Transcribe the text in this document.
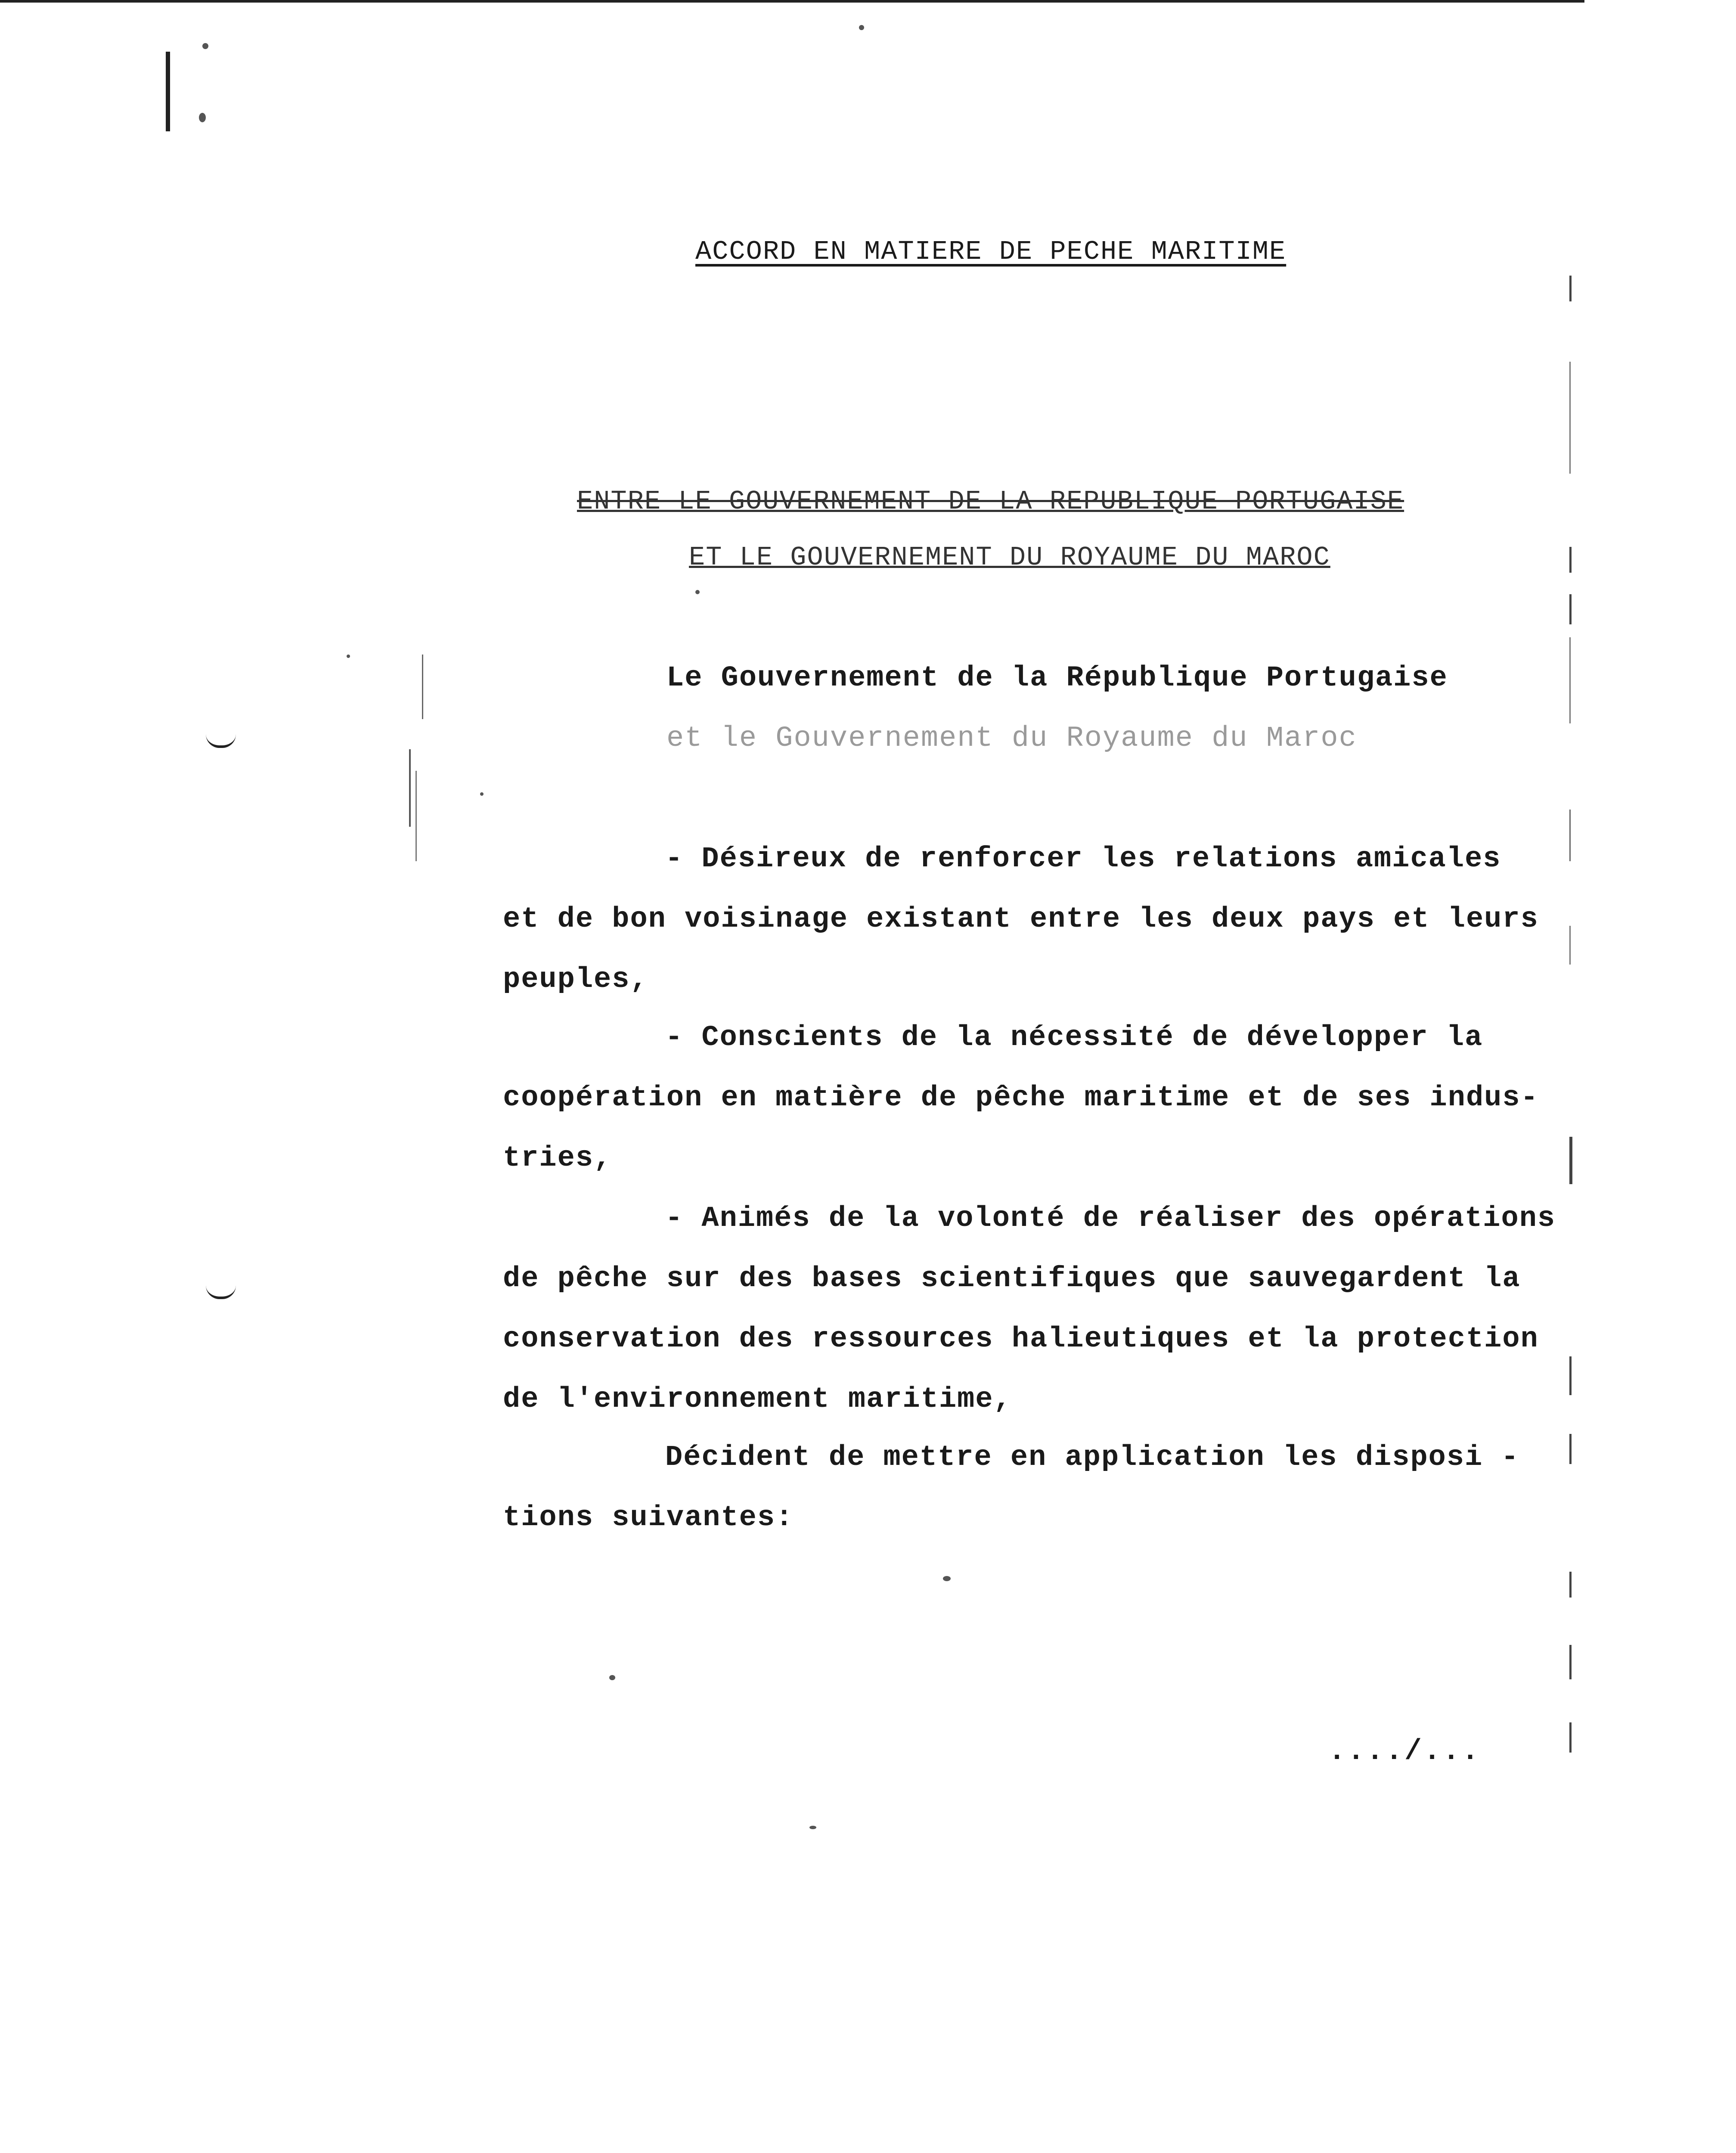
ACCORD EN MATIERE DE PECHE MARITIME
ENTRE LE GOUVERNEMENT DE LA REPUBLIQUE PORTUGAISE
ET LE GOUVERNEMENT DU ROYAUME DU MAROC
Le Gouvernement de la République Portugaise
et le Gouvernement du Royaume du Maroc
- Désireux de renforcer les relations amicales
et de bon voisinage existant entre les deux pays et leurs
peuples,
- Conscients de la nécessité de développer la
coopération en matière de pêche maritime et de ses indus-
tries,
- Animés de la volonté de réaliser des opérations
de pêche sur des bases scientifiques que sauvegardent la
conservation des ressources halieutiques et la protection
de l'environnement maritime,
Décident de mettre en application les disposi -
tions suivantes:
..../...
